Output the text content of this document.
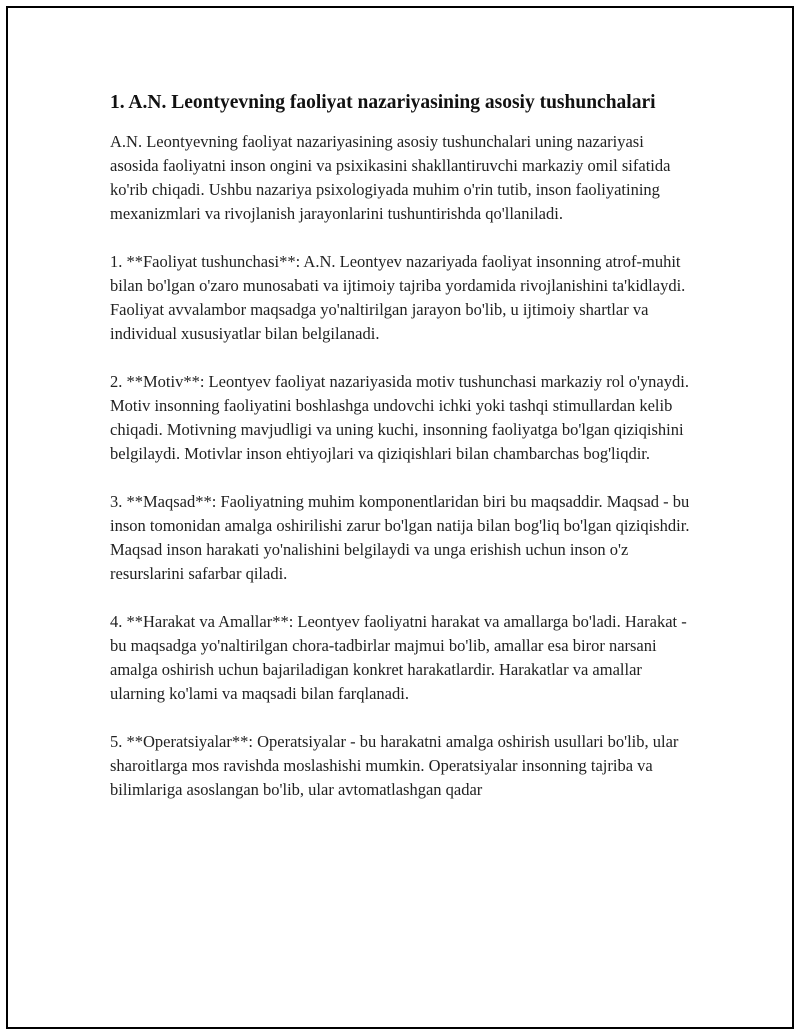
1. A.N. Leontyevning faoliyat nazariyasining asosiy tushunchalari

A.N. Leontyevning faoliyat nazariyasining asosiy tushunchalari uning nazariyasi asosida faoliyatni inson ongini va psixikasini shakllantiruvchi markaziy omil sifatida ko'rib chiqadi. Ushbu nazariya psixologiyada muhim o'rin tutib, inson faoliyatining mexanizmlari va rivojlanish jarayonlarini tushuntirishda qo'llaniladi.

1. **Faoliyat tushunchasi**: A.N. Leontyev nazariyada faoliyat insonning atrof-muhit bilan bo'lgan o'zaro munosabati va ijtimoiy tajriba yordamida rivojlanishini ta'kidlaydi. Faoliyat avvalambor maqsadga yo'naltirilgan jarayon bo'lib, u ijtimoiy shartlar va individual xususiyatlar bilan belgilanadi.

2. **Motiv**: Leontyev faoliyat nazariyasida motiv tushunchasi markaziy rol o'ynaydi. Motiv insonning faoliyatini boshlashga undovchi ichki yoki tashqi stimullardan kelib chiqadi. Motivning mavjudligi va uning kuchi, insonning faoliyatga bo'lgan qiziqishini belgilaydi. Motivlar inson ehtiyojlari va qiziqishlari bilan chambarchas bog'liqdir.

3. **Maqsad**: Faoliyatning muhim komponentlaridan biri bu maqsaddir. Maqsad - bu inson tomonidan amalga oshirilishi zarur bo'lgan natija bilan bog'liq bo'lgan qiziqishdir. Maqsad inson harakati yo'nalishini belgilaydi va unga erishish uchun inson o'z resurslarini safarbar qiladi.

4. **Harakat va Amallar**: Leontyev faoliyatni harakat va amallarga bo'ladi. Harakat - bu maqsadga yo'naltirilgan chora-tadbirlar majmui bo'lib, amallar esa biror narsani amalga oshirish uchun bajariladigan konkret harakatlardir. Harakatlar va amallar ularning ko'lami va maqsadi bilan farqlanadi.

5. **Operatsiyalar**: Operatsiyalar - bu harakatni amalga oshirish usullari bo'lib, ular sharoitlarga mos ravishda moslashishi mumkin. Operatsiyalar insonning tajriba va bilimlariga asoslangan bo'lib, ular avtomatlashgan qadar
